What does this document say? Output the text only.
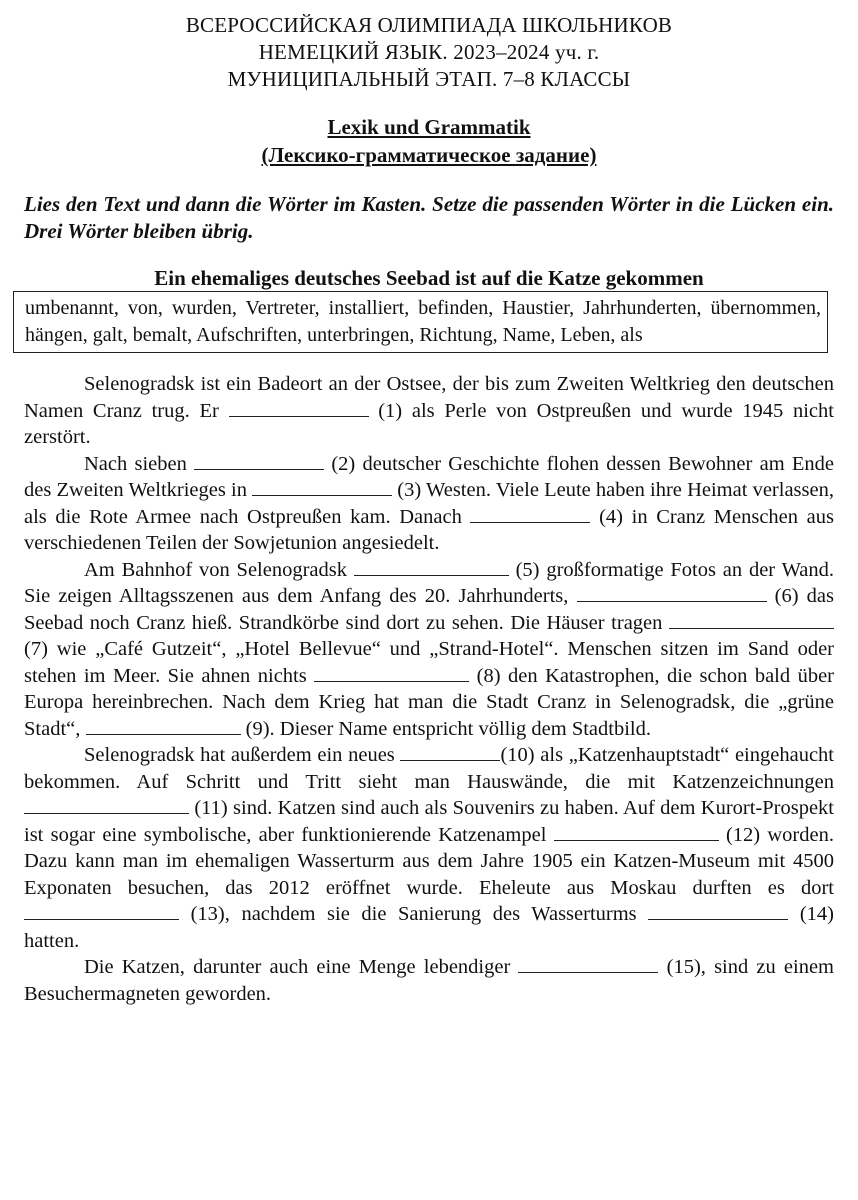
ВСЕРОССИЙСКАЯ ОЛИМПИАДА ШКОЛЬНИКОВ
НЕМЕЦКИЙ ЯЗЫК. 2023–2024 уч. г.
МУНИЦИПАЛЬНЫЙ ЭТАП. 7–8 КЛАССЫ
Lexik und Grammatik
(Лексико-грамматическое задание)
Lies den Text und dann die Wörter im Kasten. Setze die passenden Wörter in die Lücken ein. Drei Wörter bleiben übrig.
Ein ehemaliges deutsches Seebad ist auf die Katze gekommen
umbenannt, von, wurden, Vertreter, installiert, befinden, Haustier, Jahrhunderten, übernommen, hängen, galt, bemalt, Aufschriften, unterbringen, Richtung, Name, Leben, als

Selenogradsk ist ein Badeort an der Ostsee, der bis zum Zweiten Weltkrieg den deutschen Namen Cranz trug. Er	(1) als Perle von Ostpreußen und wurde 1945 nicht zerstört.

Nach sieben	(2) deutscher Geschichte flohen dessen Bewohner am Ende des Zweiten Weltkrieges in	(3) Westen. Viele Leute haben ihre Heimat verlassen, als die Rote Armee nach Ostpreußen kam. Danach	(4) in Cranz Menschen aus verschiedenen Teilen der Sowjetunion angesiedelt.

Am Bahnhof von Selenogradsk	(5) großformatige Fotos an der Wand. Sie zeigen Alltagsszenen aus dem Anfang des 20. Jahrhunderts,	(6) das Seebad noch Cranz hieß. Strandkörbe sind dort zu sehen. Die Häuser tragen  (7) wie „Café Gutzeit“, „Hotel Bellevue“ und „Strand-Hotel“. Menschen sitzen im Sand oder stehen im Meer. Sie ahnen nichts	(8) den Katastrophen, die schon bald über Europa hereinbrechen. Nach dem Krieg hat man die Stadt Cranz in Selenogradsk, die „grüne Stadt“,	(9). Dieser Name entspricht völlig dem Stadtbild.

Selenogradsk hat außerdem ein neues	(10) als „Katzenhauptstadt“ eingehaucht bekommen. Auf Schritt und Tritt sieht man Hauswände, die mit Katzenzeichnungen  (11) sind. Katzen sind auch als Souvenirs zu haben. Auf dem Kurort-Prospekt ist sogar eine symbolische, aber funktionierende Katzenampel	(12) worden. Dazu kann man im ehemaligen Wasserturm aus dem Jahre 1905 ein Katzen-Museum mit 4500 Exponaten besuchen, das 2012 eröffnet wurde. Eheleute aus Moskau durften es dort  (13), nachdem sie die Sanierung des Wasserturms	(14) hatten.

Die Katzen, darunter auch eine Menge lebendiger	(15), sind zu einem Besuchermagneten geworden.
